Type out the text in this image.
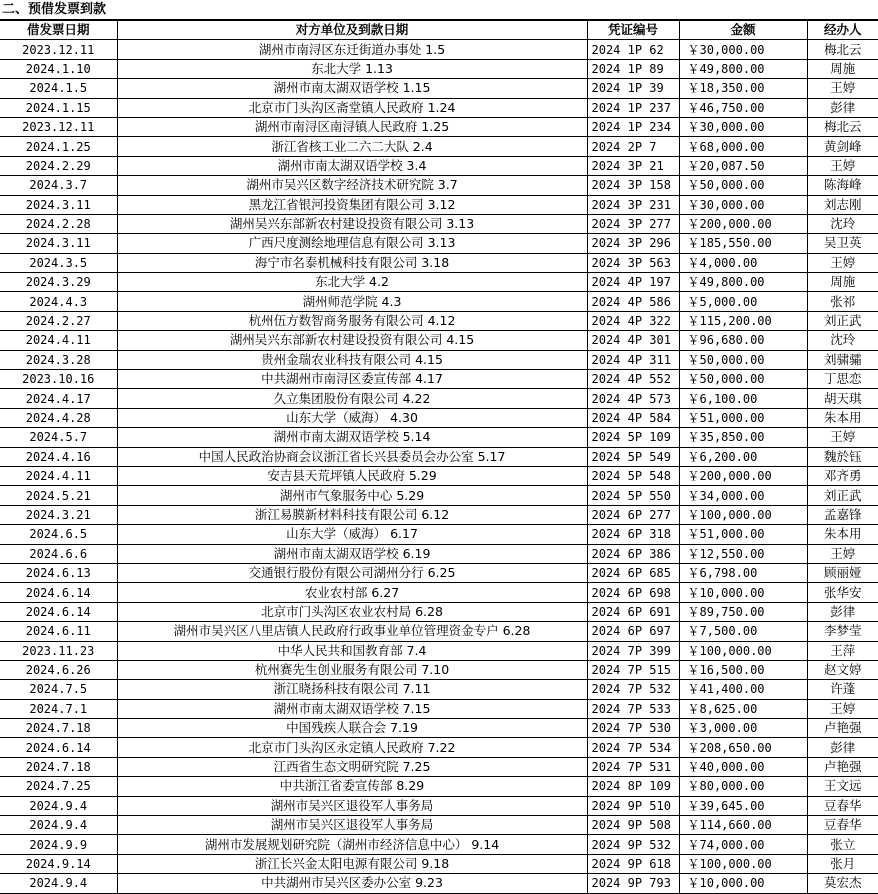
二、预借发票到款
借发票日期	对方单位及到款日期	凭证编号	金额	经办人
2023.12.11	湖州市南浔区东迁街道办事处 1.5	2024 1P 62	￥30,000.00	梅北云
2024.1.10	东北大学 1.13	2024 1P 89	￥49,800.00	周施
2024.1.5	湖州市南太湖双语学校 1.15	2024 1P 39	￥18,350.00	王婷
2024.1.15	北京市门头沟区斋堂镇人民政府 1.24	2024 1P 237	￥46,750.00	彭律
2023.12.11	湖州市南浔区南浔镇人民政府 1.25	2024 1P 234	￥30,000.00	梅北云
2024.1.25	浙江省核工业二六二大队 2.4	2024 2P 7	￥68,000.00	黄剑峰
2024.2.29	湖州市南太湖双语学校 3.4	2024 3P 21	￥20,087.50	王婷
2024.3.7	湖州市吴兴区数字经济技术研究院 3.7	2024 3P 158	￥50,000.00	陈海峰
2024.3.11	黑龙江省银河投资集团有限公司 3.12	2024 3P 231	￥30,000.00	刘志刚
2024.2.28	湖州吴兴东部新农村建设投资有限公司 3.13	2024 3P 277	￥200,000.00	沈玲
2024.3.11	广西尺度测绘地理信息有限公司 3.13	2024 3P 296	￥185,550.00	吴卫英
2024.3.5	海宁市名泰机械科技有限公司 3.18	2024 3P 563	￥4,000.00	王婷
2024.3.29	东北大学 4.2	2024 4P 197	￥49,800.00	周施
2024.4.3	湖州师范学院 4.3	2024 4P 586	￥5,000.00	张祁
2024.2.27	杭州伍方数智商务服务有限公司 4.12	2024 4P 322	￥115,200.00	刘正武
2024.4.11	湖州吴兴东部新农村建设投资有限公司 4.15	2024 4P 301	￥96,680.00	沈玲
2024.3.28	贵州金瑞农业科技有限公司 4.15	2024 4P 311	￥50,000.00	刘骕骦
2023.10.16	中共湖州市南浔区委宣传部 4.17	2024 4P 552	￥50,000.00	丁思恋
2024.4.17	久立集团股份有限公司 4.22	2024 4P 573	￥6,100.00	胡天琪
2024.4.28	山东大学（威海） 4.30	2024 4P 584	￥51,000.00	朱本用
2024.5.7	湖州市南太湖双语学校 5.14	2024 5P 109	￥35,850.00	王婷
2024.4.16	中国人民政治协商会议浙江省长兴县委员会办公室 5.17	2024 5P 549	￥6,200.00	魏於钰
2024.4.11	安吉县天荒坪镇人民政府 5.29	2024 5P 548	￥200,000.00	邓齐勇
2024.5.21	湖州市气象服务中心 5.29	2024 5P 550	￥34,000.00	刘正武
2024.3.21	浙江易膜新材料科技有限公司 6.12	2024 6P 277	￥100,000.00	孟嘉锋
2024.6.5	山东大学（威海） 6.17	2024 6P 318	￥51,000.00	朱本用
2024.6.6	湖州市南太湖双语学校 6.19	2024 6P 386	￥12,550.00	王婷
2024.6.13	交通银行股份有限公司湖州分行 6.25	2024 6P 685	￥6,798.00	顾丽娅
2024.6.14	农业农村部 6.27	2024 6P 698	￥10,000.00	张华安
2024.6.14	北京市门头沟区农业农村局 6.28	2024 6P 691	￥89,750.00	彭律
2024.6.11	湖州市吴兴区八里店镇人民政府行政事业单位管理资金专户 6.28	2024 6P 697	￥7,500.00	李梦莹
2023.11.23	中华人民共和国教育部 7.4	2024 7P 399	￥100,000.00	王萍
2024.6.26	杭州赛先生创业服务有限公司 7.10	2024 7P 515	￥16,500.00	赵文婷
2024.7.5	浙江晓扬科技有限公司 7.11	2024 7P 532	￥41,400.00	许蓬
2024.7.1	湖州市南太湖双语学校 7.15	2024 7P 533	￥8,625.00	王婷
2024.7.18	中国残疾人联合会 7.19	2024 7P 530	￥3,000.00	卢艳强
2024.6.14	北京市门头沟区永定镇人民政府 7.22	2024 7P 534	￥208,650.00	彭律
2024.7.18	江西省生态文明研究院 7.25	2024 7P 531	￥40,000.00	卢艳强
2024.7.25	中共浙江省委宣传部 8.29	2024 8P 109	￥80,000.00	王文远
2024.9.4	湖州市吴兴区退役军人事务局	2024 9P 510	￥39,645.00	豆春华
2024.9.4	湖州市吴兴区退役军人事务局	2024 9P 508	￥114,660.00	豆春华
2024.9.9	湖州市发展规划研究院（湖州市经济信息中心） 9.14	2024 9P 532	￥74,000.00	张立
2024.9.14	浙江长兴金太阳电源有限公司 9.18	2024 9P 618	￥100,000.00	张月
2024.9.4	中共湖州市吴兴区委办公室 9.23	2024 9P 793	￥10,000.00	莫宏杰
